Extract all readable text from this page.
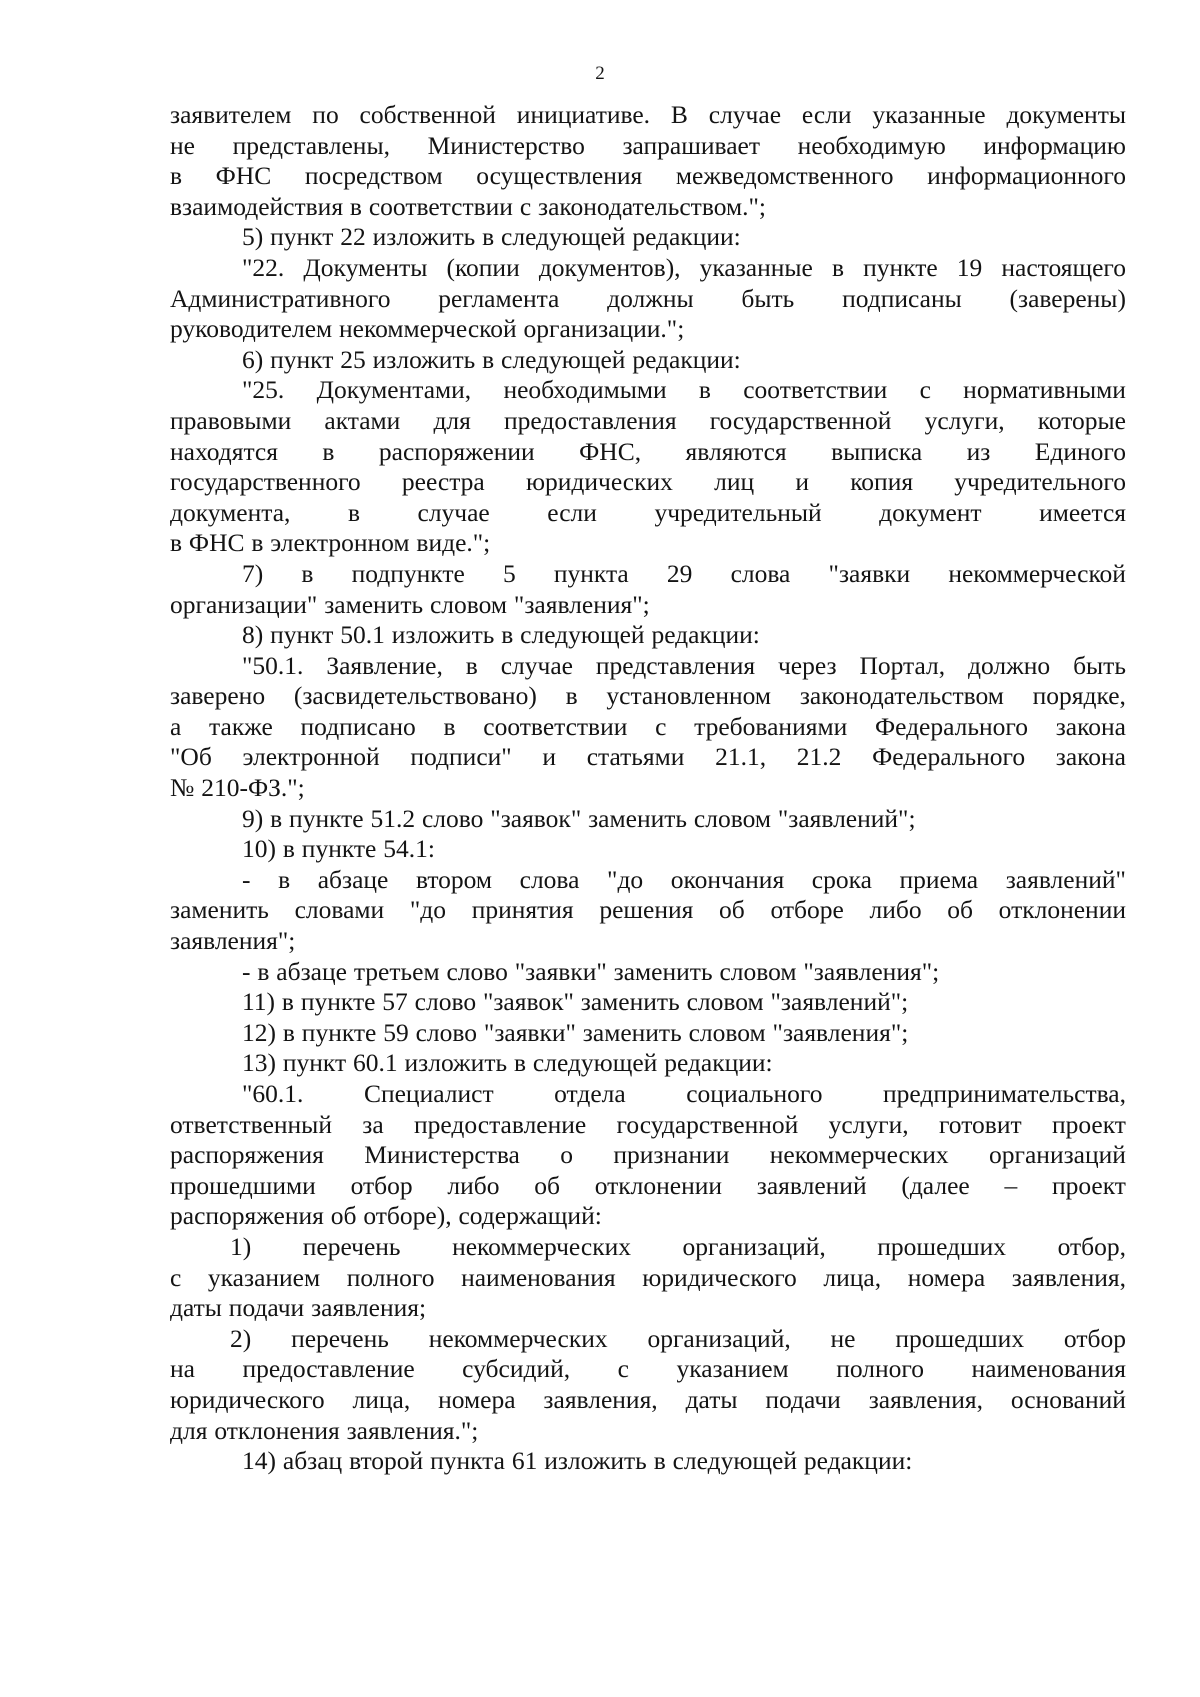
2
заявителем по собственной инициативе. В случае если указанные документы
не представлены, Министерство запрашивает необходимую информацию
в ФНС посредством осуществления межведомственного информационного
взаимодействия в соответствии с законодательством.";
5) пункт 22 изложить в следующей редакции:
"22. Документы (копии документов), указанные в пункте 19 настоящего
Административного регламента должны быть подписаны (заверены)
руководителем некоммерческой организации.";
6) пункт 25 изложить в следующей редакции:
"25. Документами, необходимыми в соответствии с нормативными
правовыми актами для предоставления государственной услуги, которые
находятся в распоряжении ФНС, являются выписка из Единого
государственного реестра юридических лиц и копия учредительного
документа, в случае если учредительный документ имеется
в ФНС в электронном виде.";
7) в подпункте 5 пункта 29 слова "заявки некоммерческой
организации" заменить словом "заявления";
8) пункт 50.1 изложить в следующей редакции:
"50.1. Заявление, в случае представления через Портал, должно быть
заверено (засвидетельствовано) в установленном законодательством порядке,
а также подписано в соответствии с требованиями Федерального закона
"Об электронной подписи" и статьями 21.1, 21.2 Федерального закона
№ 210-ФЗ.";
9) в пункте 51.2 слово "заявок" заменить словом "заявлений";
10) в пункте 54.1:
- в абзаце втором слова "до окончания срока приема заявлений"
заменить словами "до принятия решения об отборе либо об отклонении
заявления";
- в абзаце третьем слово "заявки" заменить словом "заявления";
11) в пункте 57 слово "заявок" заменить словом "заявлений";
12) в пункте 59 слово "заявки" заменить словом "заявления";
13) пункт 60.1 изложить в следующей редакции:
"60.1. Специалист отдела социального предпринимательства,
ответственный за предоставление государственной услуги, готовит проект
распоряжения Министерства о признании некоммерческих организаций
прошедшими отбор либо об отклонении заявлений (далее – проект
распоряжения об отборе), содержащий:
1) перечень некоммерческих организаций, прошедших отбор,
с указанием полного наименования юридического лица, номера заявления,
даты подачи заявления;
2) перечень некоммерческих организаций, не прошедших отбор
на предоставление субсидий, с указанием полного наименования
юридического лица, номера заявления, даты подачи заявления, оснований
для отклонения заявления.";
14) абзац второй пункта 61 изложить в следующей редакции:
